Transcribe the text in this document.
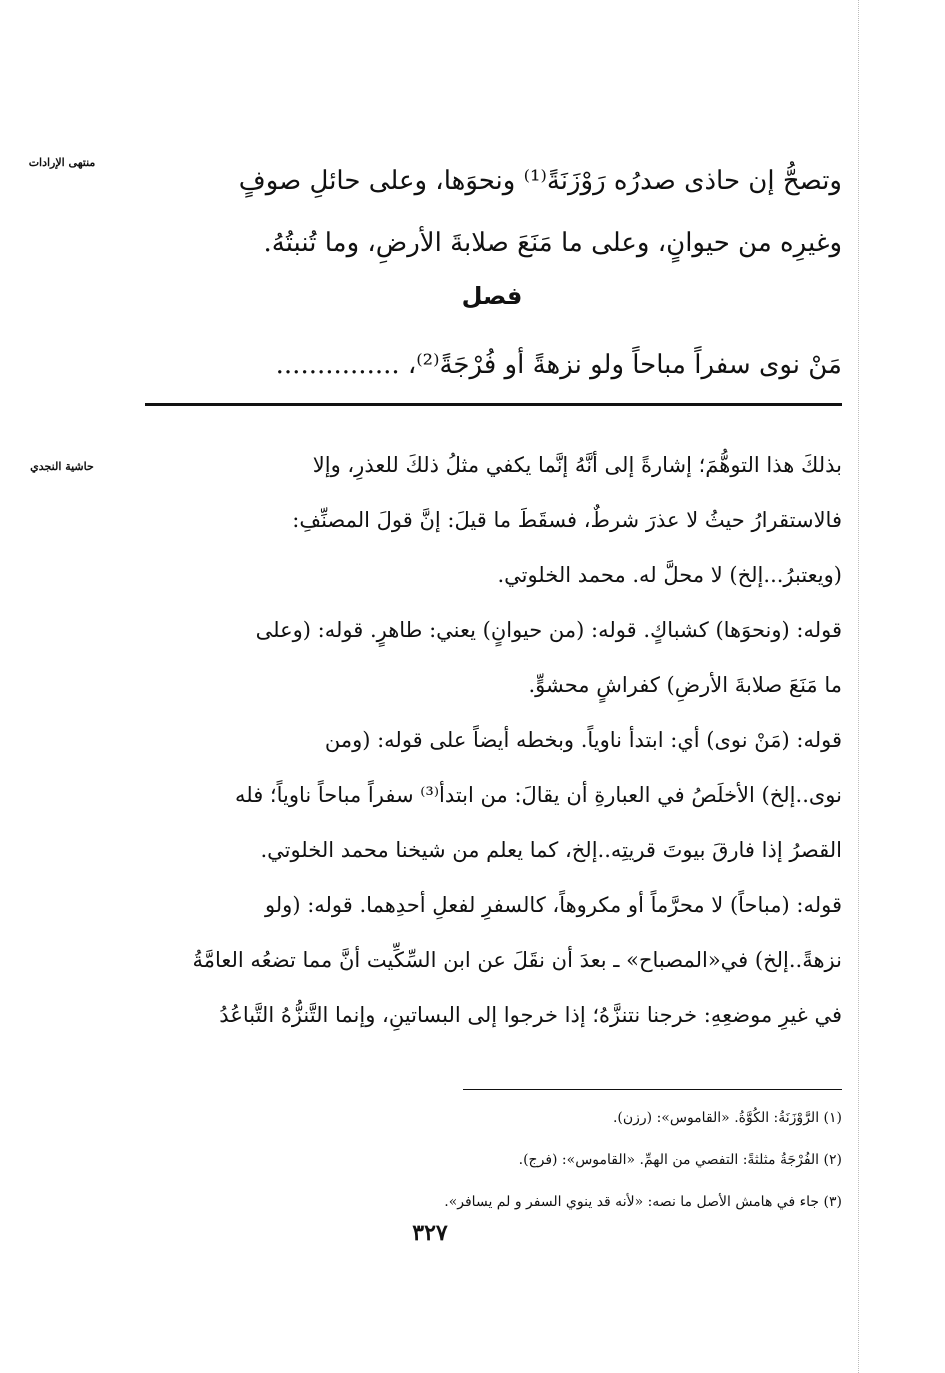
منتهى الإرادات
حاشية النجدي
وتصحُّ إن حاذى صدرُه رَوْزَنَةً⁽¹⁾ ونحوَها، وعلى حائلِ صوفٍ
وغيرِه من حيوانٍ، وعلى ما مَنَعَ صلابةَ الأرضِ، وما تُنبتُهُ.
فصل
مَنْ نوى سفراً مباحاً ولو نزهةً أو فُرْجَةً⁽²⁾، ...............
بذلكَ هذا التوهُّمَ؛ إشارةً إلى أنَّهُ إنَّما يكفي مثلُ ذلكَ للعذرِ، وإلا
فالاستقرارُ حيثُ لا عذرَ شرطٌ، فسقَطَ ما قيلَ: إنَّ قولَ المصنِّفِ:
(ويعتبرُ...إلخ) لا محلَّ له. محمد الخلوتي.
قوله: (ونحوَها) كشباكٍ. قوله: (من حيوانٍ) يعني: طاهرٍ. قوله: (وعلى
ما مَنَعَ صلابةَ الأرضِ) كفراشٍ محشوٍّ.
قوله: (مَنْ نوى) أي: ابتدأ ناوياً. وبخطه أيضاً على قوله: (ومن
نوى..إلخ) الأخلَصُ في العبارةِ أن يقالَ: من ابتدأ⁽³⁾ سفراً مباحاً ناوياً؛ فله
القصرُ إذا فارقَ بيوتَ قريتِه..إلخ، كما يعلم من شيخنا محمد الخلوتي.
قوله: (مباحاً) لا محرَّماً أو مكروهاً، كالسفرِ لفعلِ أحدِهما. قوله: (ولو
نزهةً..إلخ) في«المصباح» ـ بعدَ أن نقَلَ عن ابن السِّكِّيت أنَّ مما تضعُه العامَّةُ
في غيرِ موضعِهِ: خرجنا نتنزَّهُ؛ إذا خرجوا إلى البساتينِ، وإنما التَّنزُّهُ التَّباعُدُ
(١) الرَّوْزَنَةُ: الكُوَّةُ. «القاموس»: (رزن).
(٢) الفُرْجَةُ مثلثةً: التفصي من الهمِّ. «القاموس»: (فرج).
(٣) جاء في هامش الأصل ما نصه: «لأنه قد ينوي السفر و لم يسافر».
٣٢٧
